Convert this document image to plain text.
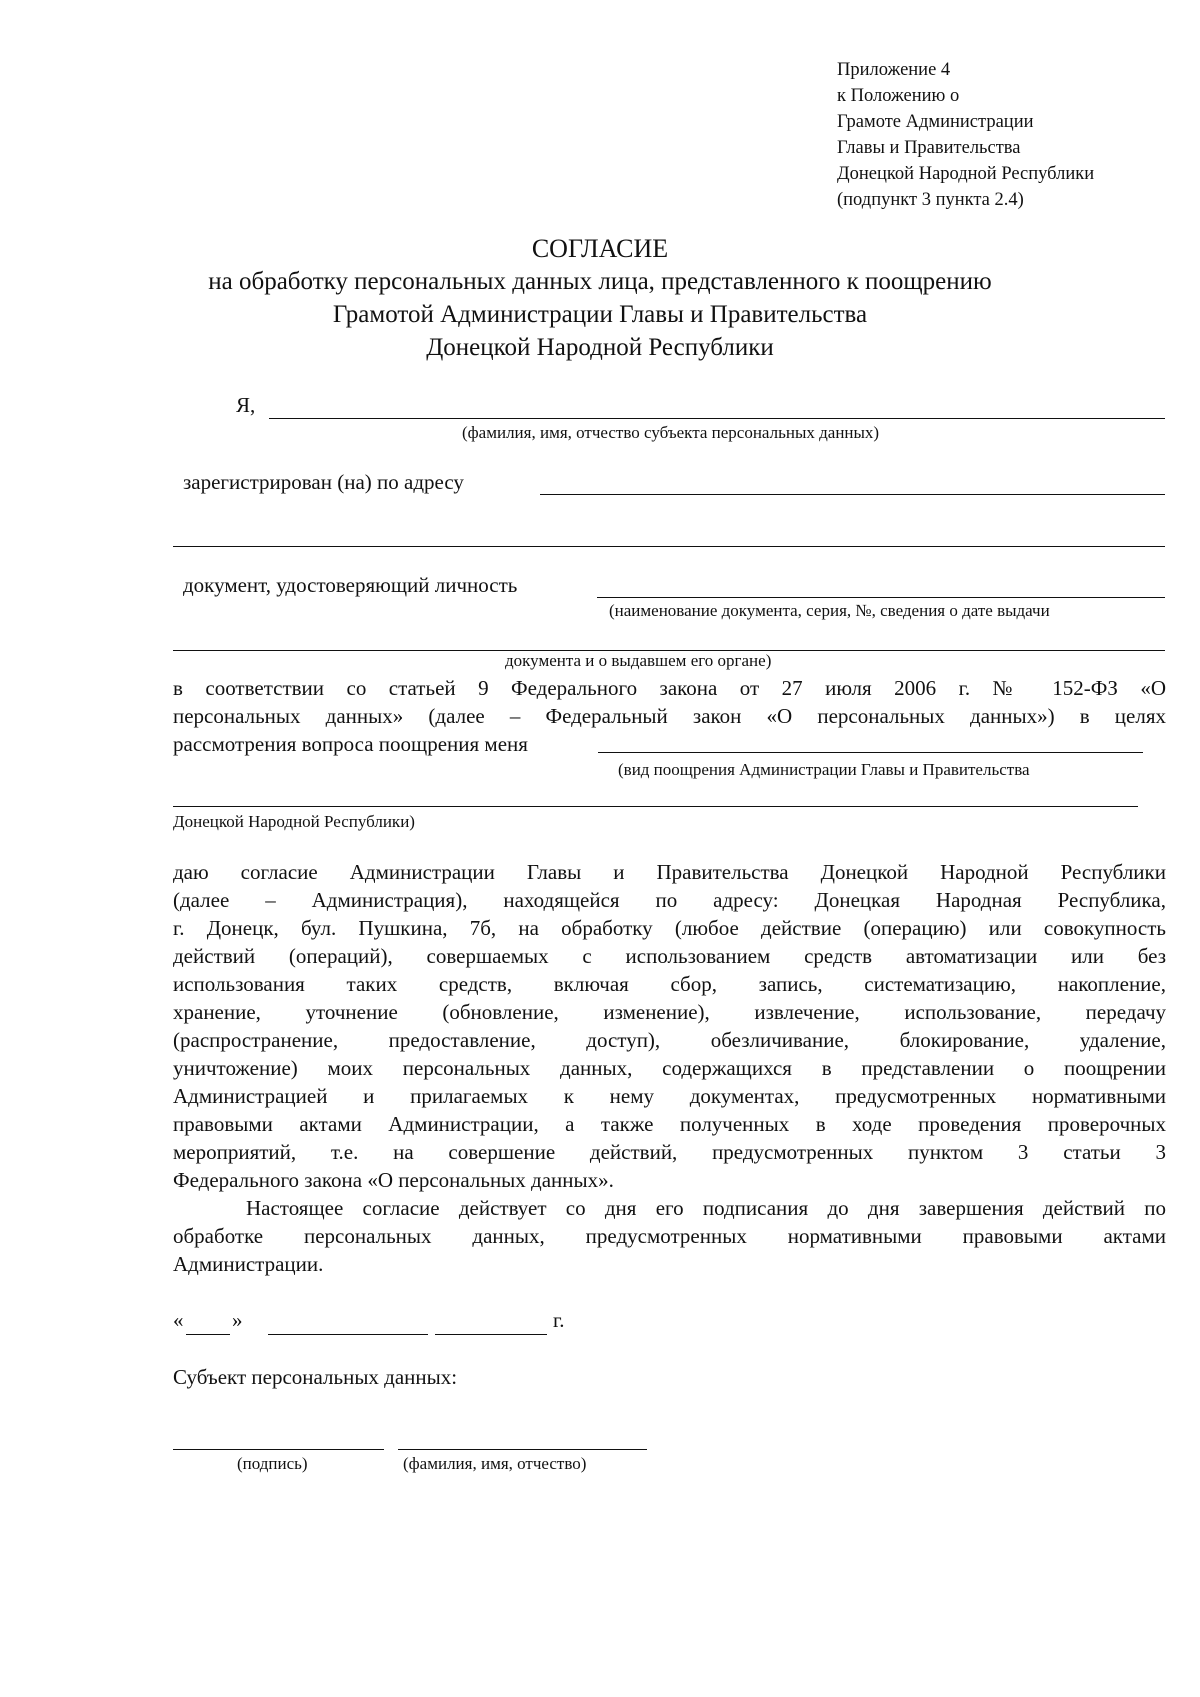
Приложение 4
к Положению о
Грамоте Администрации
Главы и Правительства
Донецкой Народной Республики
(подпункт 3 пункта 2.4)
СОГЛАСИЕ
на обработку персональных данных лица, представленного к поощрению
Грамотой Администрации Главы и Правительства
Донецкой Народной Республики
Я,
(фамилия, имя, отчество субъекта персональных данных)
зарегистрирован (на) по адресу
документ, удостоверяющий личность
(наименование документа, серия, №, сведения о дате выдачи
документа и о выдавшем его органе)
в соответствии со статьей 9 Федерального закона от 27 июля 2006 г. № 152-ФЗ «О
персональных данных» (далее – Федеральный закон «О персональных данных») в целях
рассмотрения вопроса поощрения меня
(вид поощрения Администрации Главы и Правительства
Донецкой Народной Республики)
даю согласие Администрации Главы и Правительства Донецкой Народной Республики
(далее – Администрация), находящейся по адресу: Донецкая Народная Республика,
г. Донецк, бул. Пушкина, 7б, на обработку (любое действие (операцию) или совокупность
действий (операций), совершаемых с использованием средств автоматизации или без
использования таких средств, включая сбор, запись, систематизацию, накопление,
хранение, уточнение (обновление, изменение), извлечение, использование, передачу
(распространение, предоставление, доступ), обезличивание, блокирование, удаление,
уничтожение) моих персональных данных, содержащихся в представлении о поощрении
Администрацией и прилагаемых к нему документах, предусмотренных нормативными
правовыми актами Администрации, а также полученных в ходе проведения проверочных
мероприятий, т.е. на совершение действий, предусмотренных пунктом 3 статьи 3
Федерального закона «О персональных данных».
Настоящее согласие действует со дня его подписания до дня завершения действий по
обработке персональных данных, предусмотренных нормативными правовыми актами
Администрации.
« »	г.
Субъект персональных данных:
(подпись)	(фамилия, имя, отчество)
